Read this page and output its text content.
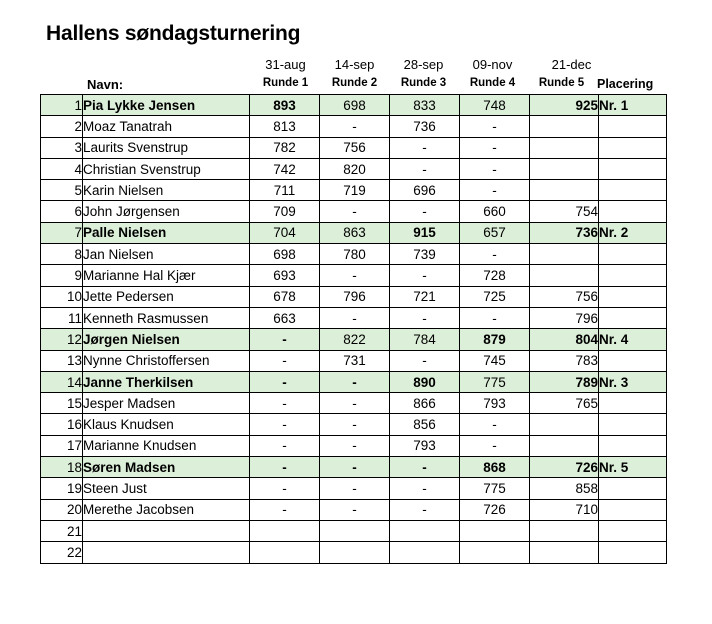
Hallens søndagsturnering
31-aug	14-sep	28-sep	09-nov	21-dec
Navn:	Runde 1	Runde 2	Runde 3	Runde 4	Runde 5	Placering
1	Pia Lykke Jensen	893	698	833	748	925	Nr. 1
2	Moaz Tanatrah	813	-	736	-		
3	Laurits Svenstrup	782	756	-	-		
4	Christian Svenstrup	742	820	-	-		
5	Karin Nielsen	711	719	696	-		
6	John Jørgensen	709	-	-	660	754	
7	Palle Nielsen	704	863	915	657	736	Nr. 2
8	Jan Nielsen	698	780	739	-		
9	Marianne Hal Kjær	693	-	-	728		
10	Jette Pedersen	678	796	721	725	756	
11	Kenneth Rasmussen	663	-	-	-	796	
12	Jørgen Nielsen	-	822	784	879	804	Nr. 4
13	Nynne Christoffersen	-	731	-	745	783	
14	Janne Therkilsen	-	-	890	775	789	Nr. 3
15	Jesper Madsen	-	-	866	793	765	
16	Klaus Knudsen	-	-	856	-		
17	Marianne Knudsen	-	-	793	-		
18	Søren Madsen	-	-	-	868	726	Nr. 5
19	Steen Just	-	-	-	775	858	
20	Merethe Jacobsen	-	-	-	726	710	
21							
22							
